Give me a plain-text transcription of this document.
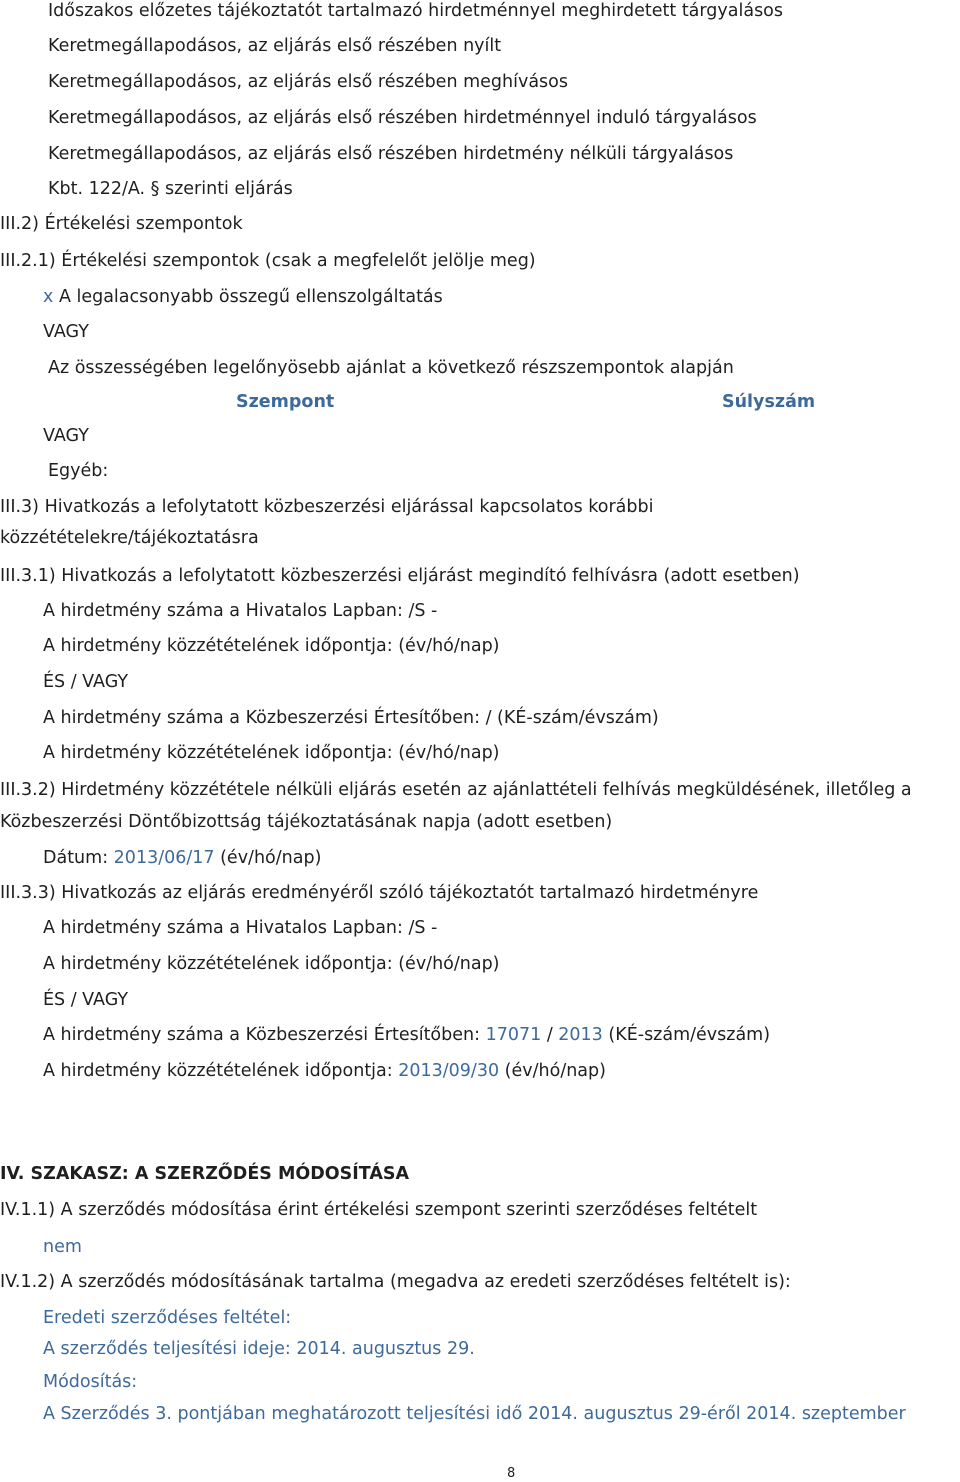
Időszakos előzetes tájékoztatót tartalmazó hirdetménnyel meghirdetett tárgyalásos
Keretmegállapodásos, az eljárás első részében nyílt
Keretmegállapodásos, az eljárás első részében meghívásos
Keretmegállapodásos, az eljárás első részében hirdetménnyel induló tárgyalásos
Keretmegállapodásos, az eljárás első részében hirdetmény nélküli tárgyalásos
Kbt. 122/A. § szerinti eljárás
III.2) Értékelési szempontok
III.2.1) Értékelési szempontok (csak a megfelelőt jelölje meg)
x A legalacsonyabb összegű ellenszolgáltatás
VAGY
Az összességében legelőnyösebb ajánlat a következő részszempontok alapján
Szempont	Súlyszám
VAGY
Egyéb:
III.3) Hivatkozás a lefolytatott közbeszerzési eljárással kapcsolatos korábbi
közzétételekre/tájékoztatásra
III.3.1) Hivatkozás a lefolytatott közbeszerzési eljárást megindító felhívásra (adott esetben)
A hirdetmény száma a Hivatalos Lapban: /S -
A hirdetmény közzétételének időpontja: (év/hó/nap)
ÉS / VAGY
A hirdetmény száma a Közbeszerzési Értesítőben: / (KÉ-szám/évszám)
A hirdetmény közzétételének időpontja: (év/hó/nap)
III.3.2) Hirdetmény közzététele nélküli eljárás esetén az ajánlattételi felhívás megküldésének, illetőleg a
Közbeszerzési Döntőbizottság tájékoztatásának napja (adott esetben)
Dátum: 2013/06/17 (év/hó/nap)
III.3.3) Hivatkozás az eljárás eredményéről szóló tájékoztatót tartalmazó hirdetményre
A hirdetmény száma a Hivatalos Lapban: /S -
A hirdetmény közzétételének időpontja: (év/hó/nap)
ÉS / VAGY
A hirdetmény száma a Közbeszerzési Értesítőben: 17071 / 2013 (KÉ-szám/évszám)
A hirdetmény közzétételének időpontja: 2013/09/30 (év/hó/nap)
IV. SZAKASZ: A SZERZŐDÉS MÓDOSÍTÁSA
IV.1.1) A szerződés módosítása érint értékelési szempont szerinti szerződéses feltételt
nem
IV.1.2) A szerződés módosításának tartalma (megadva az eredeti szerződéses feltételt is):
Eredeti szerződéses feltétel:
A szerződés teljesítési ideje: 2014. augusztus 29.
Módosítás:
A Szerződés 3. pontjában meghatározott teljesítési idő 2014. augusztus 29-éről 2014. szeptember
8
